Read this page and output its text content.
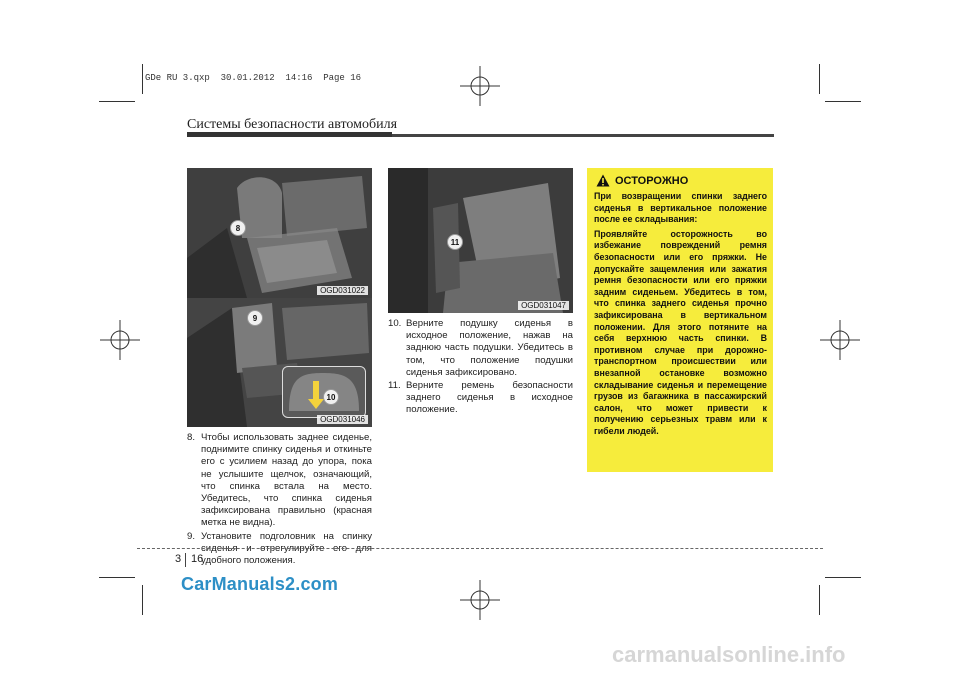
GDe RU 3.qxp  30.01.2012  14:16  Page 16
Системы безопасности автомобиля
8
OGD031022
9
10
OGD031046
11
OGD031047
8. Чтобы использовать заднее сиденье, поднимите спинку сиденья и откиньте его с усилием назад до упора, пока не услышите щелчок, означающий, что спинка встала на место. Убедитесь, что спинка сиденья зафиксирована правильно (красная метка не видна).
9. Установите подголовник на спинку сиденья и отрегулируйте его для удобного положения.
10. Верните подушку сиденья в исходное положение, нажав на заднюю часть подушки. Убедитесь в том, что положение подушки сиденья зафиксировано.
11. Верните ремень безопасности заднего сиденья в исходное положение.
ОСТОРОЖНО

При возвращении спинки заднего сиденья в вертикальное положение после ее складывания:

Проявляйте осторожность во избежание повреждений ремня безопасности или его пряжки. Не допускайте защемления или зажатия ремня безопасности или его пряжки задним сиденьем. Убедитесь в том, что спинка заднего сиденья прочно зафиксирована в вертикальном положении. Для этого потяните на себя верхнюю часть спинки. В противном случае при дорожно-транспортном происшествии или внезапной остановке возможно складывание сиденья и перемещение грузов из багажника в пассажирский салон, что может привести к получению серьезных травм или к гибели людей.

3 16
CarManuals2.com
carmanualsonline.info
